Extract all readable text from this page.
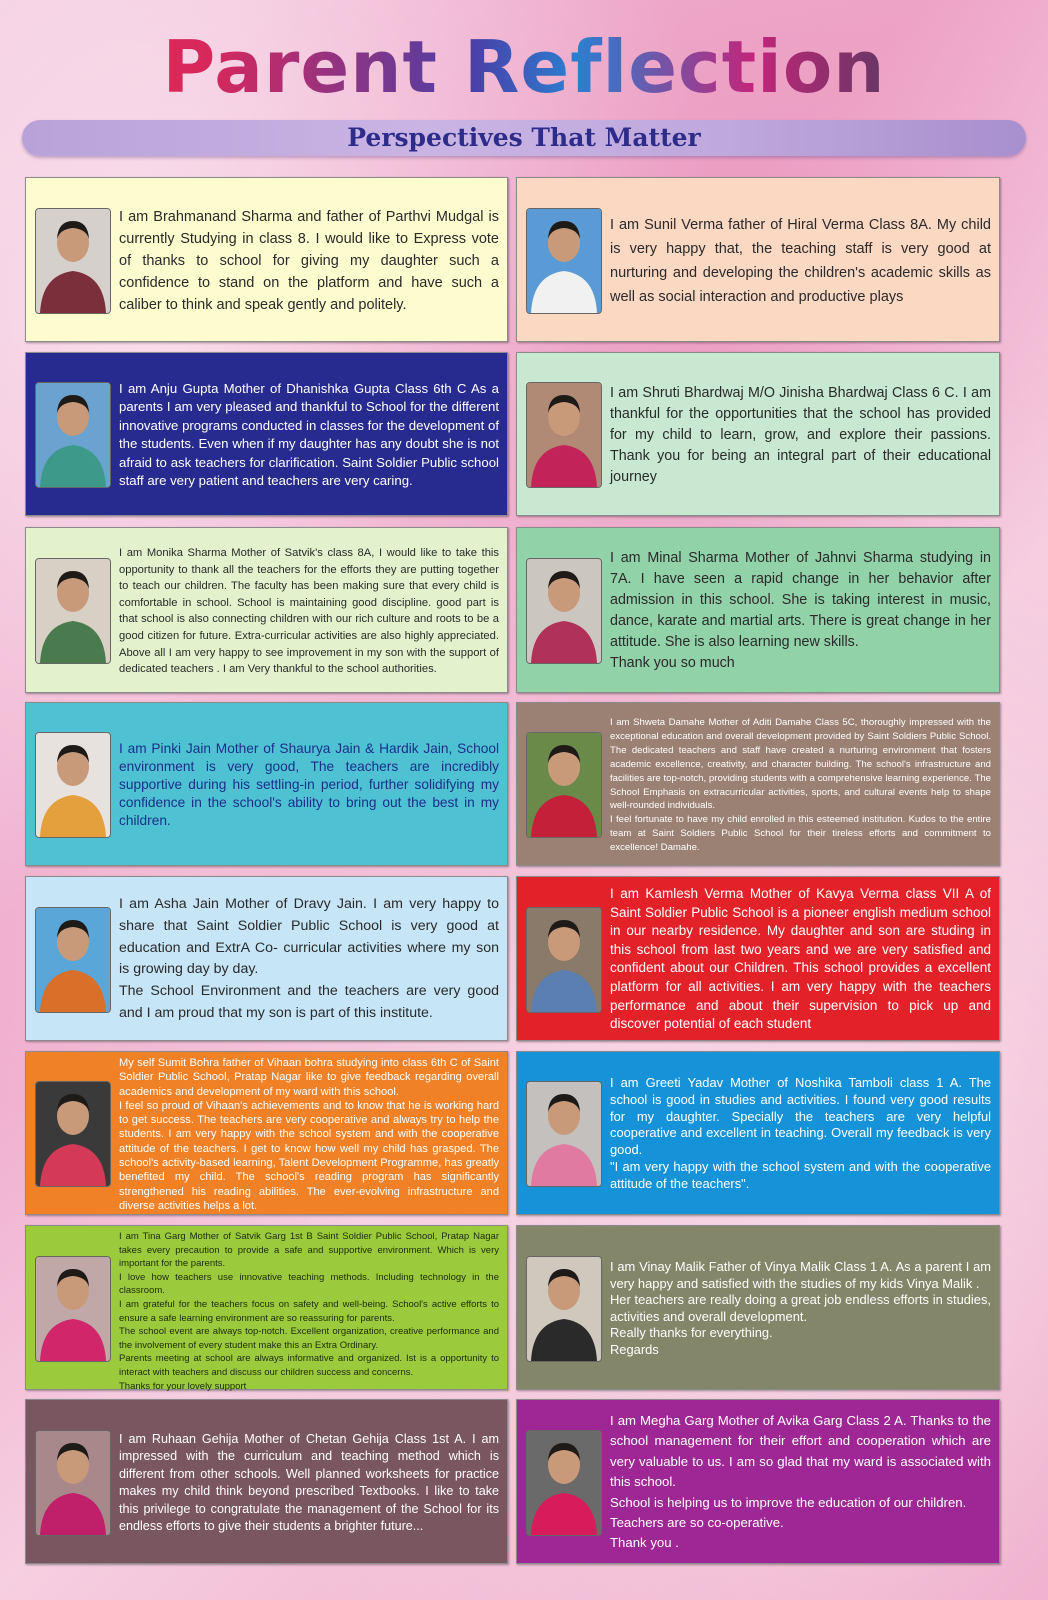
Parent Reflection
Perspectives That Matter

I am Brahmanand Sharma and father of Parthvi Mudgal is currently Studying in class 8. I would like to Express vote of thanks to school for giving my daughter such a confidence to stand on the platform and have such a caliber to think and speak gently and politely.

I am Sunil Verma father of Hiral Verma Class 8A. My child is very happy that, the teaching staff is very good at nurturing and developing the children's academic skills as well as social interaction and productive plays

I am Anju Gupta Mother of Dhanishka Gupta Class 6th C As a parents I am very pleased and thankful to School for the different innovative programs conducted in classes for the development of the students. Even when if my daughter has any doubt she is not afraid to ask teachers for clarification. Saint Soldier Public school staff are very patient and teachers are very caring.

I am Shruti Bhardwaj M/O Jinisha Bhardwaj Class 6 C. I am thankful for the opportunities that the school has provided for my child to learn, grow, and explore their passions. Thank you for being an integral part of their educational journey

I am Monika Sharma Mother of Satvik's class 8A, I would like to take this opportunity to thank all the teachers for the efforts they are putting together to teach our children. The faculty has been making sure that every child is comfortable in school. School is maintaining good discipline. good part is that school is also connecting children with our rich culture and roots to be a good citizen for future. Extra-curricular activities are also highly appreciated. Above all I am very happy to see improvement in my son with the support of dedicated teachers . I am Very thankful to the school authorities.

I am Minal Sharma Mother of Jahnvi Sharma studying in 7A. I have seen a rapid change in her behavior after admission in this school. She is taking interest in music, dance, karate and martial arts. There is great change in her attitude. She is also learning new skills.
Thank you so much

I am Pinki Jain Mother of Shaurya Jain & Hardik Jain, School environment is very good, The teachers are incredibly supportive during his settling-in period, further solidifying my confidence in the school's ability to bring out the best in my children.

I am Shweta Damahe Mother of Aditi Damahe Class 5C, thoroughly impressed with the exceptional education and overall development provided by Saint Soldiers Public School. The dedicated teachers and staff have created a nurturing environment that fosters academic excellence, creativity, and character building. The school's infrastructure and facilities are top-notch, providing students with a comprehensive learning experience. The School Emphasis on extracurricular activities, sports, and cultural events help to shape well-rounded individuals.
I feel fortunate to have my child enrolled in this esteemed institution. Kudos to the entire team at Saint Soldiers Public School for their tireless efforts and commitment to excellence! Damahe.

I am Asha Jain Mother of Dravy Jain. I am very happy to share that Saint Soldier Public School is very good at education and ExtrA Co- curricular activities where my son is growing day by day.
The School Environment and the teachers are very good and I am proud that my son is part of this institute.

I am Kamlesh Verma Mother of Kavya Verma class VII A of Saint Soldier Public School is a pioneer english medium school in our nearby residence. My daughter and son are studing in this school from last two years and we are very satisfied and confident about our Children. This school provides a excellent platform for all activities. I am very happy with the teachers performance and about their supervision to pick up and discover potential of each student

My self Sumit Bohra father of Vihaan bohra studying into class 6th C of Saint Soldier Public School, Pratap Nagar like to give feedback regarding overall academics and development of my ward with this school.
I feel so proud of Vihaan's achievements and to know that he is working hard to get success. The teachers are very cooperative and always try to help the students. I am very happy with the school system and with the cooperative attitude of the teachers. I get to know how well my child has grasped. The school's activity-based learning, Talent Development Programme, has greatly benefited my child. The school's reading program has significantly strengthened his reading abilities. The ever-evolving infrastructure and diverse activities helps a lot.

I am Greeti Yadav Mother of Noshika Tamboli class 1 A. The school is good in studies and activities. I found very good results for my daughter. Specially the teachers are very helpful cooperative and excellent in teaching. Overall my feedback is very good.
"I am very happy with the school system and with the cooperative attitude of the teachers".

I am Tina Garg Mother of Satvik Garg 1st B Saint Soldier Public School, Pratap Nagar takes every precaution to provide a safe and supportive environment. Which is very important for the parents.
I love how teachers use innovative teaching methods. Including technology in the classroom.
I am grateful for the teachers focus on safety and well-being. School's active efforts to ensure a safe learning environment are so reassuring for parents.
The school event are always top-notch. Excellent organization, creative performance and the involvement of every student make this an Extra Ordinary.
Parents meeting at school are always informative and organized. Ist is a opportunity to interact with teachers and discuss our children success and concerns.
Thanks for your lovely support

I am Vinay Malik Father of Vinya Malik Class 1 A. As a parent I am very happy and satisfied with the studies of my kids Vinya Malik .
Her teachers are really doing a great job endless efforts in studies, activities and overall development.
Really thanks for everything.
Regards

I am Ruhaan Gehija Mother of Chetan Gehija Class 1st A. I am impressed with the curriculum and teaching method which is different from other schools. Well planned worksheets for practice makes my child think beyond prescribed Textbooks. I like to take this privilege to congratulate the management of the School for its endless efforts to give their students a brighter future...

I am Megha Garg Mother of Avika Garg Class 2 A. Thanks to the school management for their effort and cooperation which are very valuable to us. I am so glad that my ward is associated with this school.
School is helping us to improve the education of our children.
Teachers are so co-operative.
Thank you .
